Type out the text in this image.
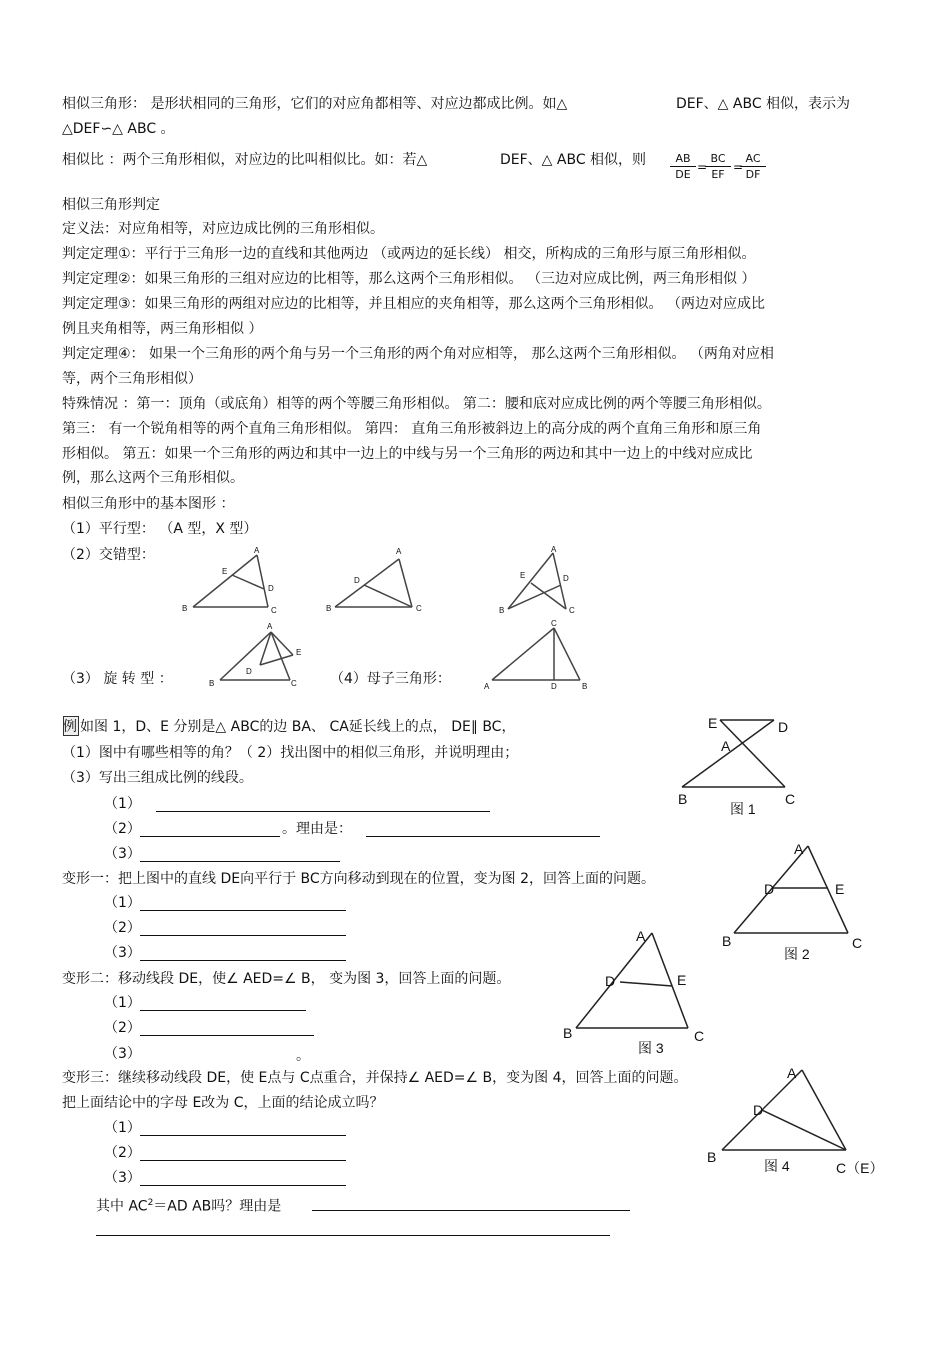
相似三角形： 是形状相同的三角形，它们的对应角都相等、对应边都成比例。如△	DEF、△ ABC 相似，表示为
△DEF∽△ ABC 。
相似比 ：两个三角形相似，对应边的比叫相似比。如：若△	DEF、△ ABC 相似，则 $\frac{AB}{DE}$ =
$\frac{BC}{EF}$ =
$\frac{AC}{DF}$
相似三角形判定
定义法：对应角相等，对应边成比例的三角形相似。
判定定理①：平行于三角形一边的直线和其他两边 （或两边的延长线） 相交，所构成的三角形与原三角形相似。
判定定理②：如果三角形的三组对应边的比相等，那么这两个三角形相似。 （三边对应成比例，两三角形相似 ）
判定定理③：如果三角形的两组对应边的比相等，并且相应的夹角相等，那么这两个三角形相似。 （两边对应成比
例且夹角相等，两三角形相似 ）
判定定理④： 如果一个三角形的两个角与另一个三角形的两个角对应相等， 那么这两个三角形相似。 （两角对应相
等，两个三角形相似）
特殊情况 ：第一：顶角（或底角）相等的两个等腰三角形相似。 第二：腰和底对应成比例的两个等腰三角形相似。
第三： 有一个锐角相等的两个直角三角形相似。 第四： 直角三角形被斜边上的高分成的两个直角三角形和原三角
形相似。 第五：如果一个三角形的两边和其中一边上的中线与另一个三角形的两边和其中一边上的中线对应成比
例，那么这两个三角形相似。
相似三角形中的基本图形 ：
（1）平行型： （A 型，X 型）
（2）交错型：
（3） 旋 转 型 ：	（4）母子三角形：
A
E
D
B	C
A
D
B	C
A
E	D
B	C
A
E
D
B	C
C
A	D	B
例 如图 1，D、E 分别是△ ABC的边 BA、 CA延长线上的点， DE∥ BC，
（1）图中有哪些相等的角？（ 2）找出图中的相似三角形，并说明理由；
（3）写出三组成比例的线段。
（1）
（2）	。理由是：
（3）
E	D
A
B	C
图 1
变形一：把上图中的直线 DE向平行于 BC方向移动到现在的位置，变为图 2，回答上面的问题。
（1）
（2）
（3）
A
D	E
B	C
图 2
变形二：移动线段 DE，使∠ AED=∠ B， 变为图 3，回答上面的问题。
（1）
（2）
（3）	。
A
D	E
B	C
图 3
变形三：继续移动线段 DE，使 E点与 C点重合，并保持∠ AED=∠ B，变为图 4，回答上面的问题。
把上面结论中的字母 E改为 C，上面的结论成立吗？
（1）
（2）
（3）
其中 $AC^2=AD$ AB吗？理由是
A
D
B
C（E）
图 4
